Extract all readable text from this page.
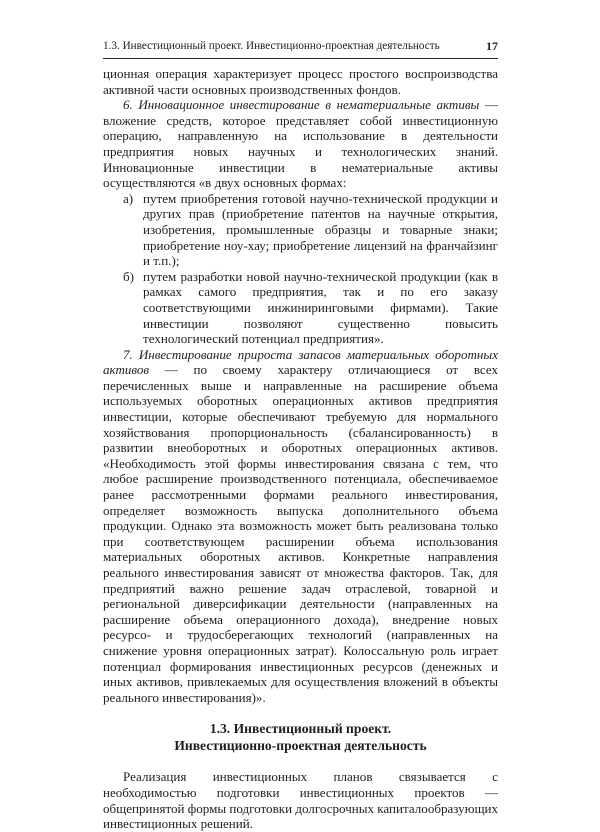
1.3. Инвестиционный проект. Инвестиционно-проектная деятельность	17

ционная операция характеризует процесс простого воспроизводства активной части основных производственных фондов.

6. Инновационное инвестирование в нематериальные активы — вложение средств, которое представляет собой инвестиционную операцию, направленную на использование в деятельности предприятия новых научных и технологических знаний. Инновационные инвестиции в нематериальные активы осуществляются «в двух основных формах:

а) путем приобретения готовой научно-технической продукции и других прав (приобретение патентов на научные открытия, изобретения, промышленные образцы и товарные знаки; приобретение ноу-хау; приобретение лицензий на франчайзинг и т.п.);
б) путем разработки новой научно-технической продукции (как в рамках самого предприятия, так и по его заказу соответствующими инжиниринговыми фирмами). Такие инвестиции позволяют существенно повысить технологический потенциал предприятия».

7. Инвестирование прироста запасов материальных оборотных активов — по своему характеру отличающиеся от всех перечисленных выше и направленные на расширение объема используемых оборотных операционных активов предприятия инвестиции, которые обеспечивают требуемую для нормального хозяйствования пропорциональность (сбалансированность) в развитии внеоборотных и оборотных операционных активов. «Необходимость этой формы инвестирования связана с тем, что любое расширение производственного потенциала, обеспечиваемое ранее рассмотренными формами реального инвестирования, определяет возможность выпуска дополнительного объема продукции. Однако эта возможность может быть реализована только при соответствующем расширении объема использования материальных оборотных активов. Конкретные направления реального инвестирования зависят от множества факторов. Так, для предприятий важно решение задач отраслевой, товарной и региональной диверсификации деятельности (направленных на расширение объема операционного дохода), внедрение новых ресурсо- и трудосберегающих технологий (направленных на снижение уровня операционных затрат). Колоссальную роль играет потенциал формирования инвестиционных ресурсов (денежных и иных активов, привлекаемых для осуществления вложений в объекты реального инвестирования)».

1.3. Инвестиционный проект.
Инвестиционно-проектная деятельность

Реализация инвестиционных планов связывается с необходимостью подготовки инвестиционных проектов — общепринятой формы подготовки долгосрочных капиталообразующих инвестиционных решений.
